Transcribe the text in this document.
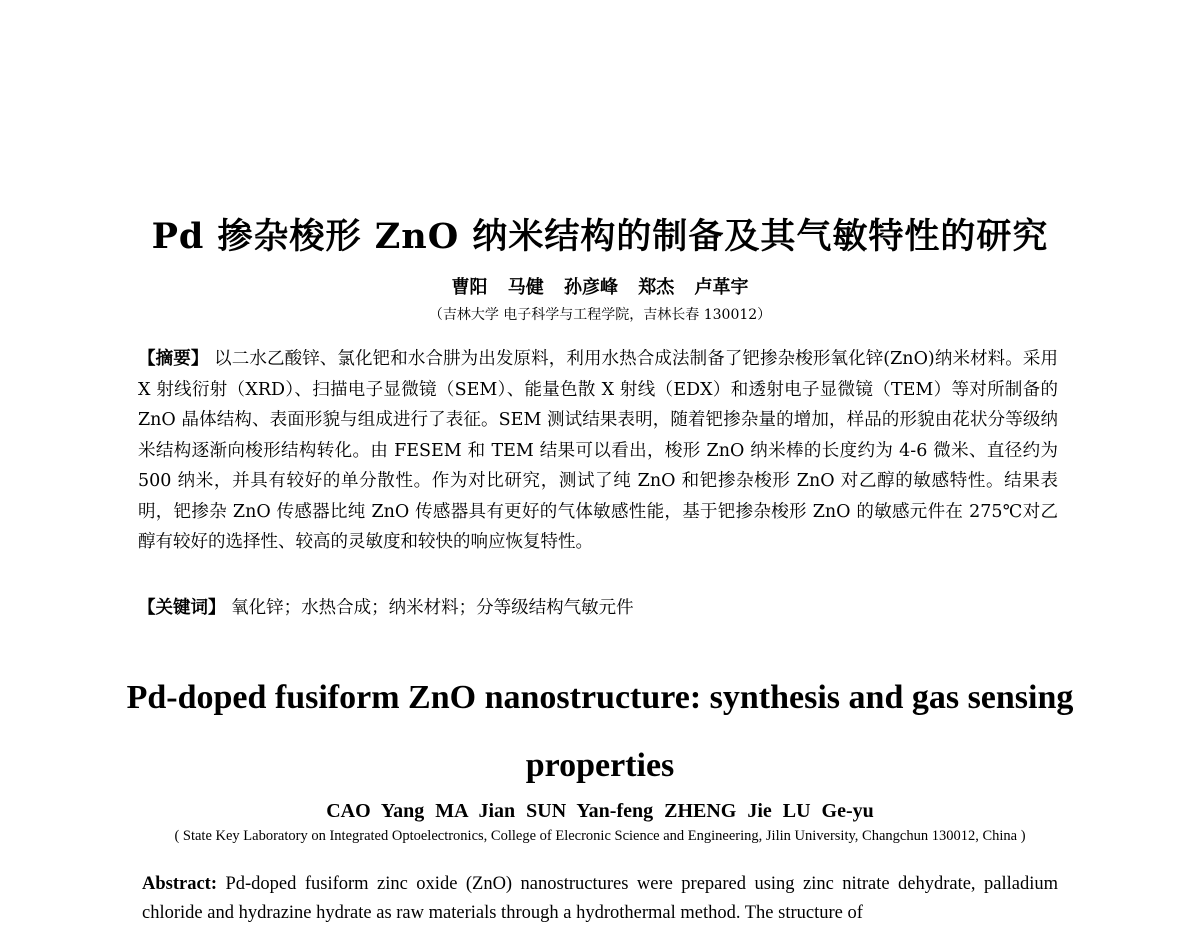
Pd 掺杂梭形 ZnO 纳米结构的制备及其气敏特性的研究
曹阳 马健 孙彦峰 郑杰 卢革宇
（吉林大学 电子科学与工程学院，吉林长春 130012）
【摘要】 以二水乙酸锌、氯化钯和水合肼为出发原料，利用水热合成法制备了钯掺杂梭形氧化锌(ZnO)纳米材料。采用 X 射线衍射（XRD）、扫描电子显微镜（SEM）、能量色散 X 射线（EDX）和透射电子显微镜（TEM）等对所制备的 ZnO 晶体结构、表面形貌与组成进行了表征。SEM 测试结果表明，随着钯掺杂量的增加，样品的形貌由花状分等级纳米结构逐渐向梭形结构转化。由 FESEM 和 TEM 结果可以看出，梭形 ZnO 纳米棒的长度约为 4-6 微米、直径约为 500 纳米，并具有较好的单分散性。作为对比研究，测试了纯 ZnO 和钯掺杂梭形 ZnO 对乙醇的敏感特性。结果表明，钯掺杂 ZnO 传感器比纯 ZnO 传感器具有更好的气体敏感性能，基于钯掺杂梭形 ZnO 的敏感元件在 275℃对乙醇有较好的选择性、较高的灵敏度和较快的响应恢复特性。
【关键词】 氧化锌；水热合成；纳米材料；分等级结构气敏元件
Pd-doped fusiform ZnO nanostructure: synthesis and gas sensing properties
CAO Yang MA Jian SUN Yan-feng ZHENG Jie LU Ge-yu
( State Key Laboratory on Integrated Optoelectronics, College of Elecronic Science and Engineering, Jilin University, Changchun 130012, China )
Abstract: Pd-doped fusiform zinc oxide (ZnO) nanostructures were prepared using zinc nitrate dehydrate, palladium chloride and hydrazine hydrate as raw materials through a hydrothermal method. The structure of
